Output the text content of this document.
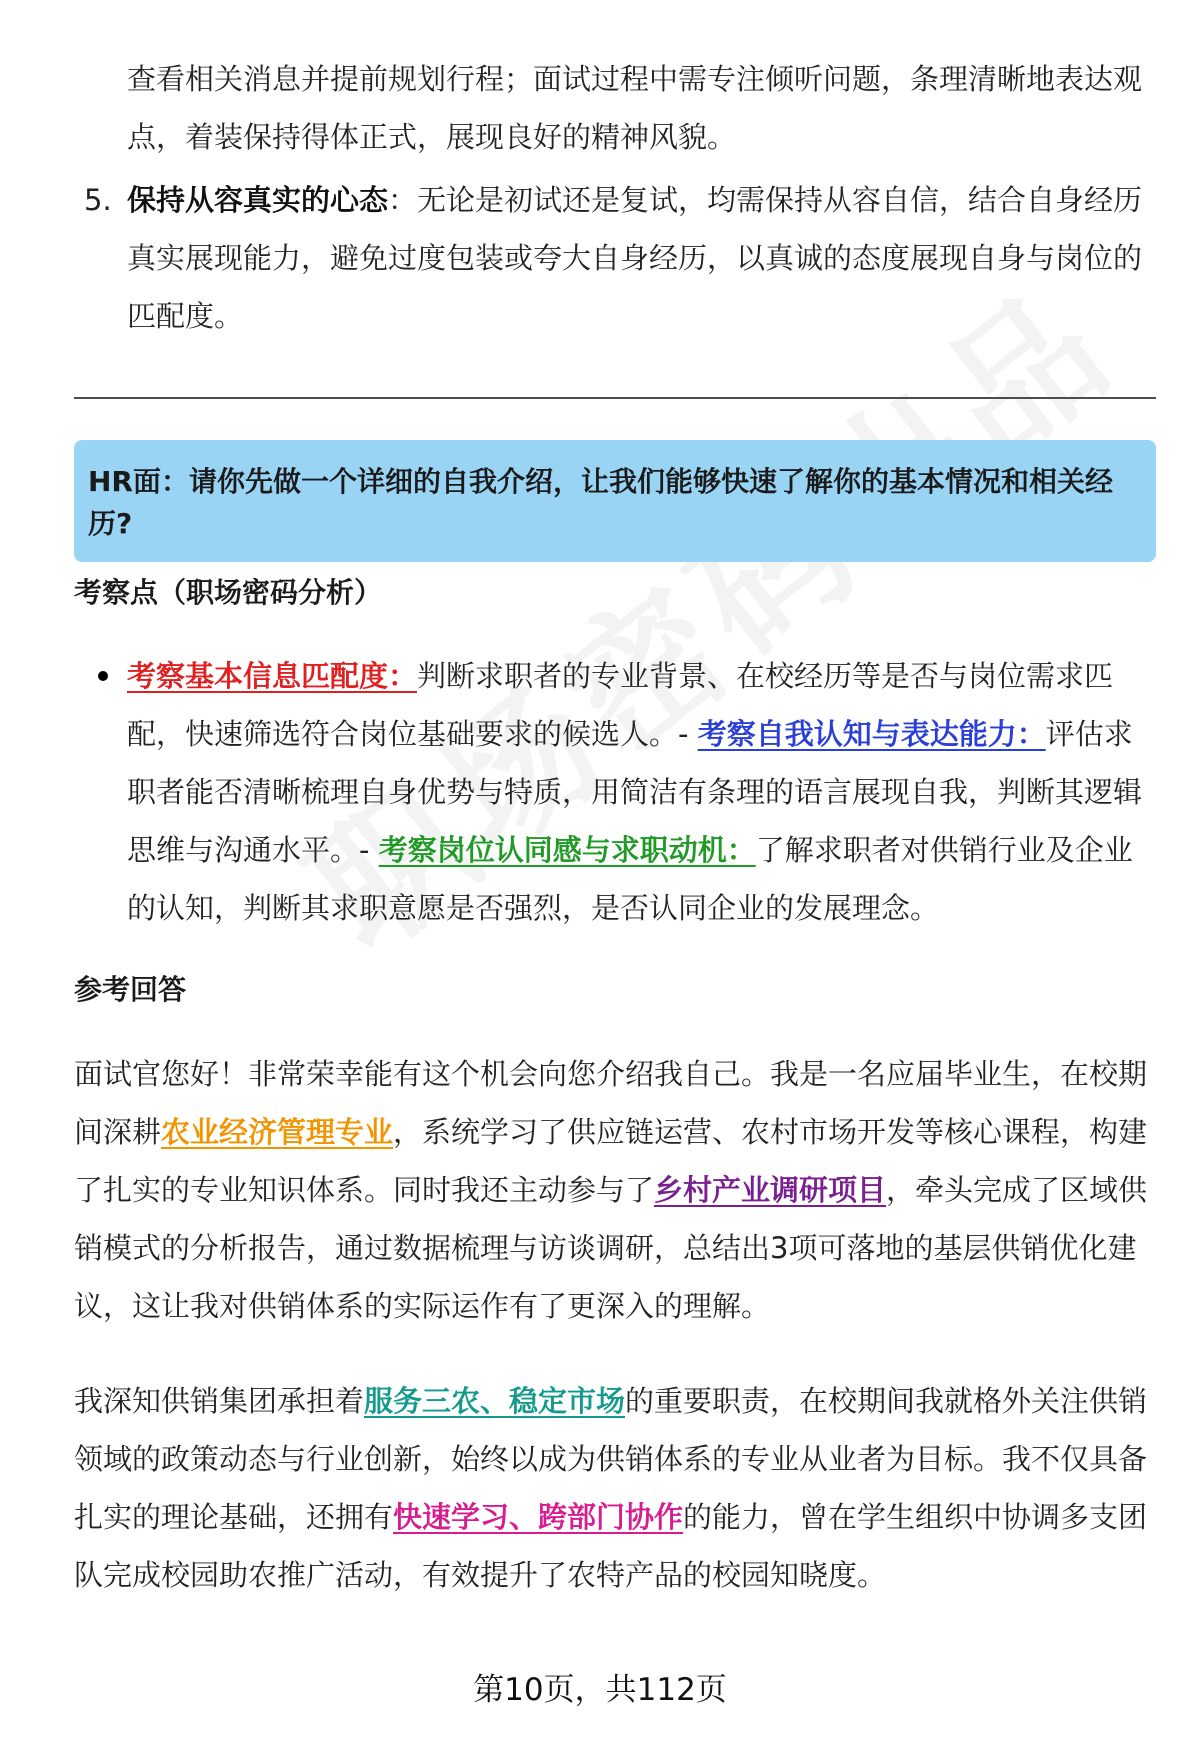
查看相关消息并提前规划行程；面试过程中需专注倾听问题，条理清晰地表达观点，着装保持得体正式，展现良好的精神风貌。

5. 保持从容真实的心态：无论是初试还是复试，均需保持从容自信，结合自身经历真实展现能力，避免过度包装或夸大自身经历，以真诚的态度展现自身与岗位的匹配度。

HR面：请你先做一个详细的自我介绍，让我们能够快速了解你的基本情况和相关经历?

考察点（职场密码分析）

考察基本信息匹配度：判断求职者的专业背景、在校经历等是否与岗位需求匹配，快速筛选符合岗位基础要求的候选人。- 考察自我认知与表达能力：评估求职者能否清晰梳理自身优势与特质，用简洁有条理的语言展现自我，判断其逻辑思维与沟通水平。- 考察岗位认同感与求职动机：了解求职者对供销行业及企业的认知，判断其求职意愿是否强烈，是否认同企业的发展理念。

参考回答

面试官您好！非常荣幸能有这个机会向您介绍我自己。我是一名应届毕业生，在校期间深耕农业经济管理专业，系统学习了供应链运营、农村市场开发等核心课程，构建了扎实的专业知识体系。同时我还主动参与了乡村产业调研项目，牵头完成了区域供销模式的分析报告，通过数据梳理与访谈调研，总结出3项可落地的基层供销优化建议，这让我对供销体系的实际运作有了更深入的理解。

我深知供销集团承担着服务三农、稳定市场的重要职责，在校期间我就格外关注供销领域的政策动态与行业创新，始终以成为供销体系的专业从业者为目标。我不仅具备扎实的理论基础，还拥有快速学习、跨部门协作的能力，曾在学生组织中协调多支团队完成校园助农推广活动，有效提升了农特产品的校园知晓度。

第10页，共112页
